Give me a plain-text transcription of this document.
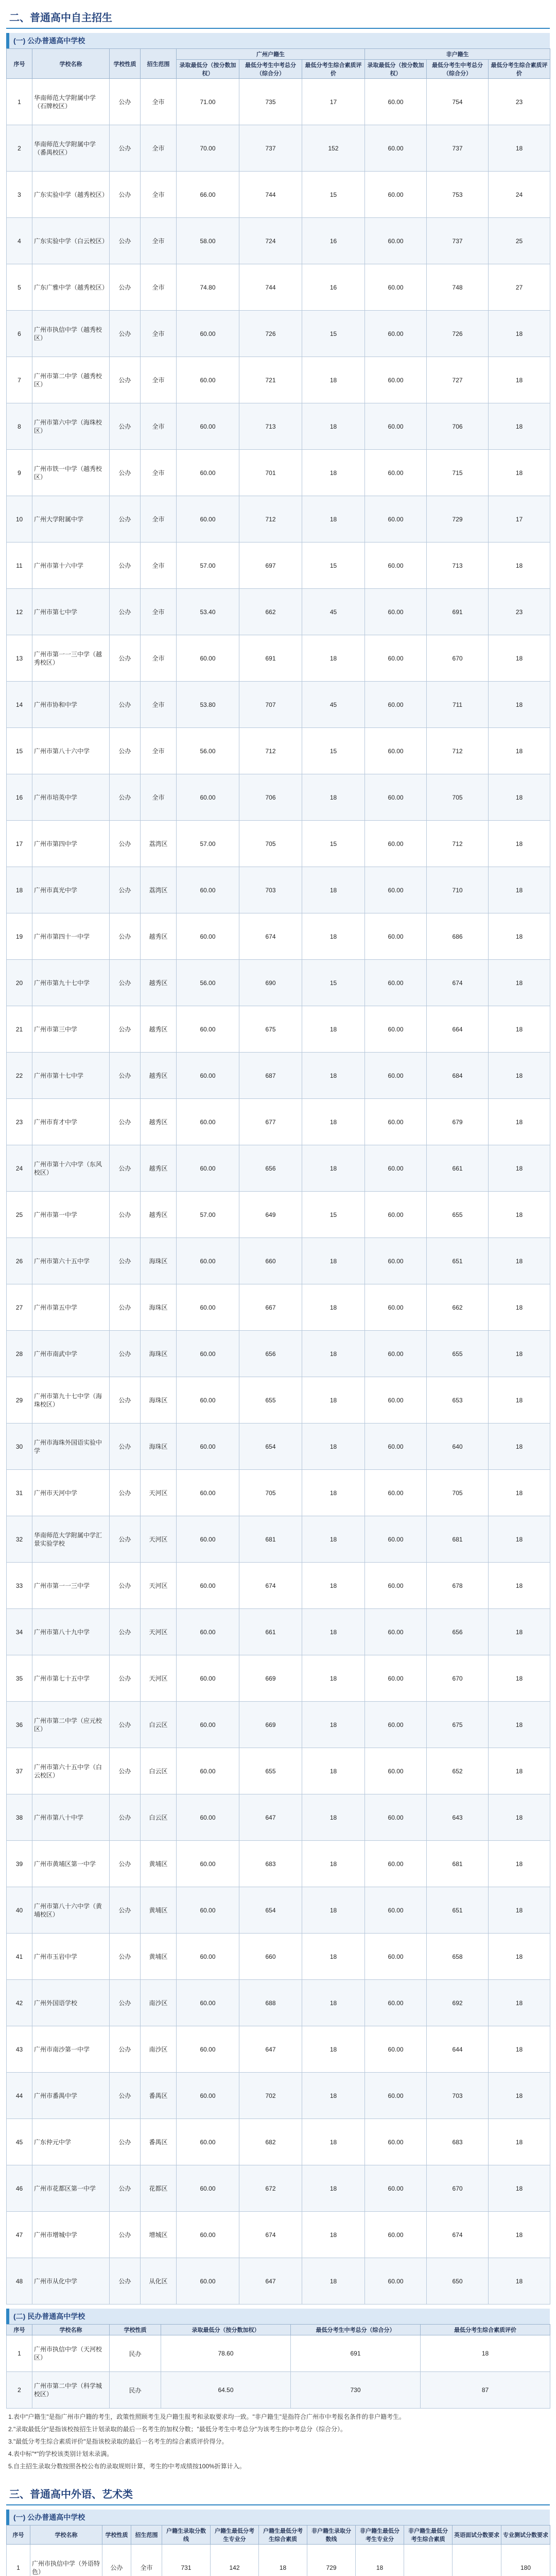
二、普通高中自主招生
(一) 公办普通高中学校
序号	学校名称	学校性质	招生范围	广州户籍生			非户籍生		
				录取最低分（按分数加权）	最低分考生中考总分（综合分）	最低分考生综合素质评价	录取最低分（按分数加权）	最低分考生中考总分（综合分）	最低分考生综合素质评价
1	华南师范大学附属中学（石牌校区）	公办	全市	71.00	735	17	60.00	754	23
2	华南师范大学附属中学（番禺校区）	公办	全市	70.00	737	152	60.00	737	18
3	广东实验中学（越秀校区）	公办	全市	66.00	744	15	60.00	753	24
4	广东实验中学（白云校区）	公办	全市	58.00	724	16	60.00	737	25
5	广东广雅中学（越秀校区）	公办	全市	74.80	744	16	60.00	748	27
6	广州市执信中学（越秀校区）	公办	全市	60.00	726	15	60.00	726	18
7	广州市第二中学（越秀校区）	公办	全市	60.00	721	18	60.00	727	18
8	广州市第六中学（海珠校区）	公办	全市	60.00	713	18	60.00	706	18
9	广州市铁一中学（越秀校区）	公办	全市	60.00	701	18	60.00	715	18
10	广州大学附属中学	公办	全市	60.00	712	18	60.00	729	17
11	广州市第十六中学	公办	全市	57.00	697	15	60.00	713	18
12	广州市第七中学	公办	全市	53.40	662	45	60.00	691	23
13	广州市第一一三中学（越秀校区）	公办	全市	60.00	691	18	60.00	670	18
14	广州市协和中学	公办	全市	53.80	707	45	60.00	711	18
15	广州市第八十六中学	公办	全市	56.00	712	15	60.00	712	18
16	广州市培英中学	公办	全市	60.00	706	18	60.00	705	18
17	广州市第四中学	公办	荔湾区	57.00	705	15	60.00	712	18
18	广州市真光中学	公办	荔湾区	60.00	703	18	60.00	710	18
19	广州市第四十一中学	公办	越秀区	60.00	674	18	60.00	686	18
20	广州市第九十七中学	公办	越秀区	56.00	690	15	60.00	674	18
21	广州市第三中学	公办	越秀区	60.00	675	18	60.00	664	18
22	广州市第十七中学	公办	越秀区	60.00	687	18	60.00	684	18
23	广州市育才中学	公办	越秀区	60.00	677	18	60.00	679	18
24	广州市第十六中学（东风校区）	公办	越秀区	60.00	656	18	60.00	661	18
25	广州市第一中学	公办	越秀区	57.00	649	15	60.00	655	18
26	广州市第六十五中学	公办	海珠区	60.00	660	18	60.00	651	18
27	广州市第五中学	公办	海珠区	60.00	667	18	60.00	662	18
28	广州市南武中学	公办	海珠区	60.00	656	18	60.00	655	18
29	广州市第九十七中学（海珠校区）	公办	海珠区	60.00	655	18	60.00	653	18
30	广州市海珠外国语实验中学	公办	海珠区	60.00	654	18	60.00	640	18
31	广州市天河中学	公办	天河区	60.00	705	18	60.00	705	18
32	华南师范大学附属中学汇景实验学校	公办	天河区	60.00	681	18	60.00	681	18
33	广州市第一一三中学	公办	天河区	60.00	674	18	60.00	678	18
34	广州市第八十九中学	公办	天河区	60.00	661	18	60.00	656	18
35	广州市第七十五中学	公办	天河区	60.00	669	18	60.00	670	18
36	广州市第二中学（应元校区）	公办	白云区	60.00	669	18	60.00	675	18
37	广州市第六十五中学（白云校区）	公办	白云区	60.00	655	18	60.00	652	18
38	广州市第八十中学	公办	白云区	60.00	647	18	60.00	643	18
39	广州市黄埔区第一中学	公办	黄埔区	60.00	683	18	60.00	681	18
40	广州市第八十六中学（黄埔校区）	公办	黄埔区	60.00	654	18	60.00	651	18
41	广州市玉岩中学	公办	黄埔区	60.00	660	18	60.00	658	18
42	广州外国语学校	公办	南沙区	60.00	688	18	60.00	692	18
43	广州市南沙第一中学	公办	南沙区	60.00	647	18	60.00	644	18
44	广州市番禺中学	公办	番禺区	60.00	702	18	60.00	703	18
45	广东仲元中学	公办	番禺区	60.00	682	18	60.00	683	18
46	广州市花都区第一中学	公办	花都区	60.00	672	18	60.00	670	18
47	广州市增城中学	公办	增城区	60.00	674	18	60.00	674	18
48	广州市从化中学	公办	从化区	60.00	647	18	60.00	650	18
(二) 民办普通高中学校
序号	学校名称	学校性质	录取最低分（按分数加权）	最低分考生中考总分（综合分）	最低分考生综合素质评价
1	广州市执信中学（天河校区）	民办	78.60	691	18
2	广州市第二中学（科学城校区）	民办	64.50	730	87

1.表中"户籍生"是指广州市户籍的考生，政策性照顾考生及户籍生报考和录取要求均一致。"非户籍生"是指符合广州市中考报名条件的非户籍考生。

2."录取最低分"是指该校按招生计划录取的最后一名考生的加权分数；"最低分考生中考总分"为该考生的中考总分（综合分）。

3."最低分考生综合素质评价"是指该校录取的最后一名考生的综合素质评价得分。

4.表中标"*"的学校该类别计划未录满。

5.自主招生录取分数按照各校公布的录取规则计算，考生的中考成绩按100%折算计入。

三、普通高中外语、艺术类
(一) 公办普通高中学校
序号	学校名称	学校性质	招生范围	户籍生录取分数线	户籍生最低分考生专业分	户籍生最低分考生综合素质	非户籍生录取分数线	非户籍生最低分考生专业分	非户籍生最低分考生综合素质	英语面试分数要求	专业测试分数要求
1	广州市执信中学（外语特色）	公办	全市	731	142	18	729	18			180
